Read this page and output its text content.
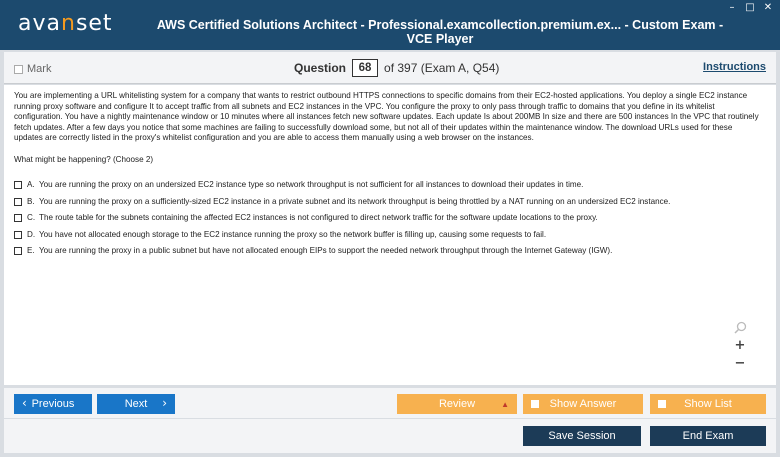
avanset	AWS Certified Solutions Architect - Professional.examcollection.premium.ex... - Custom Exam - VCE Player
–	□ ✕
Mark	Question	68	of 397 (Exam A, Q54)	Instructions
You are implementing a URL whitelisting system for a company that wants to restrict outbound HTTPS connections to specific domains from their EC2-hosted applications. You deploy a single EC2 instance running proxy software and configure It to accept traffic from all subnets and EC2 instances in the VPC. You configure the proxy to only pass through traffic to domains that you define in its whitelist configuration. You have a nightly maintenance window or 10 minutes where all instances fetch new software updates. Each update Is about 200MB In size and there are 500 instances In the VPC that routinely fetch updates. After a few days you notice that some machines are failing to successfully download some, but not all of their updates within the maintenance window. The download URLs used for these updates are correctly listed in the proxy's whitelist configuration and you are able to access them manually using a web browser on the instances.
What might be happening? (Choose 2)
A. You are running the proxy on an undersized EC2 instance type so network throughput is not sufficient for all instances to download their updates in time.
B. You are running the proxy on a sufficiently-sized EC2 instance in a private subnet and its network throughput is being throttled by a NAT running on an undersized EC2 instance.
C. The route table for the subnets containing the affected EC2 instances is not configured to direct network traffic for the software update locations to the proxy.
D. You have not allocated enough storage to the EC2 instance running the proxy so the network buffer is filling up, causing some requests to fail.
E. You are running the proxy in a public subnet but have not allocated enough EIPs to support the needed network throughput through the Internet Gateway (IGW).
+
−
‹ Previous	Next ›	Review	▲	Show Answer	Show List
Save Session	End Exam
